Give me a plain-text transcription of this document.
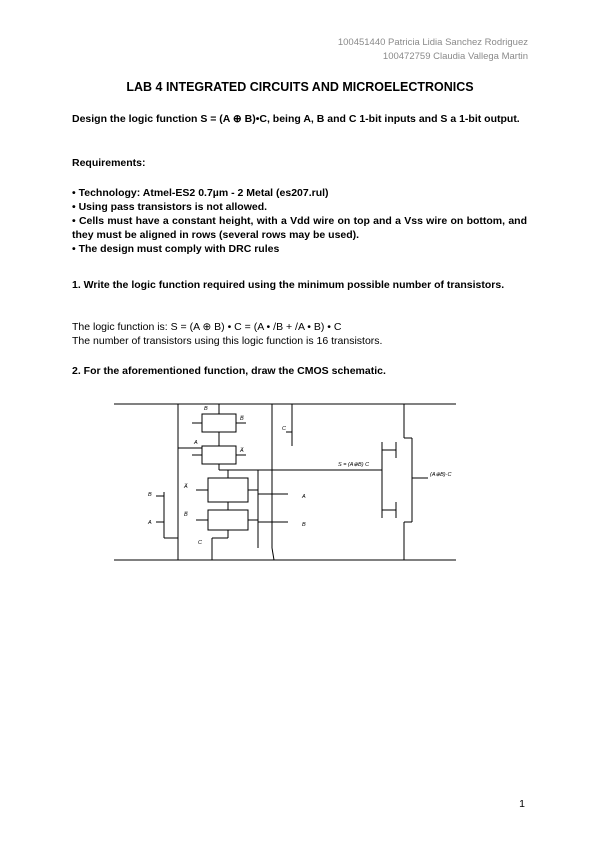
100451440 Patricia Lidia Sanchez Rodriguez
100472759 Claudia Vallega Martin
LAB 4 INTEGRATED CIRCUITS AND MICROELECTRONICS
Design the logic function S = (A ⊕ B)•C, being A, B and C 1-bit inputs and S a 1-bit output.
Requirements:
• Technology: Atmel-ES2 0.7µm - 2 Metal (es207.rul)
• Using pass transistors is not allowed.
• Cells must have a constant height, with a Vdd wire on top and a Vss wire on bottom, and they must be aligned in rows (several rows may be used).
• The design must comply with DRC rules
1. Write the logic function required using the minimum possible number of transistors.
The logic function is: S = (A ⊕ B) • C = (A • /B + /A • B) • C
The number of transistors using this logic function is 16 transistors.
2. For the aforementioned function, draw the CMOS schematic.
B
B̅
A
A̅
A̅
B̅
B
A
A
B
C
C
S = (A⊕B) C
(A⊕B)·C
1
